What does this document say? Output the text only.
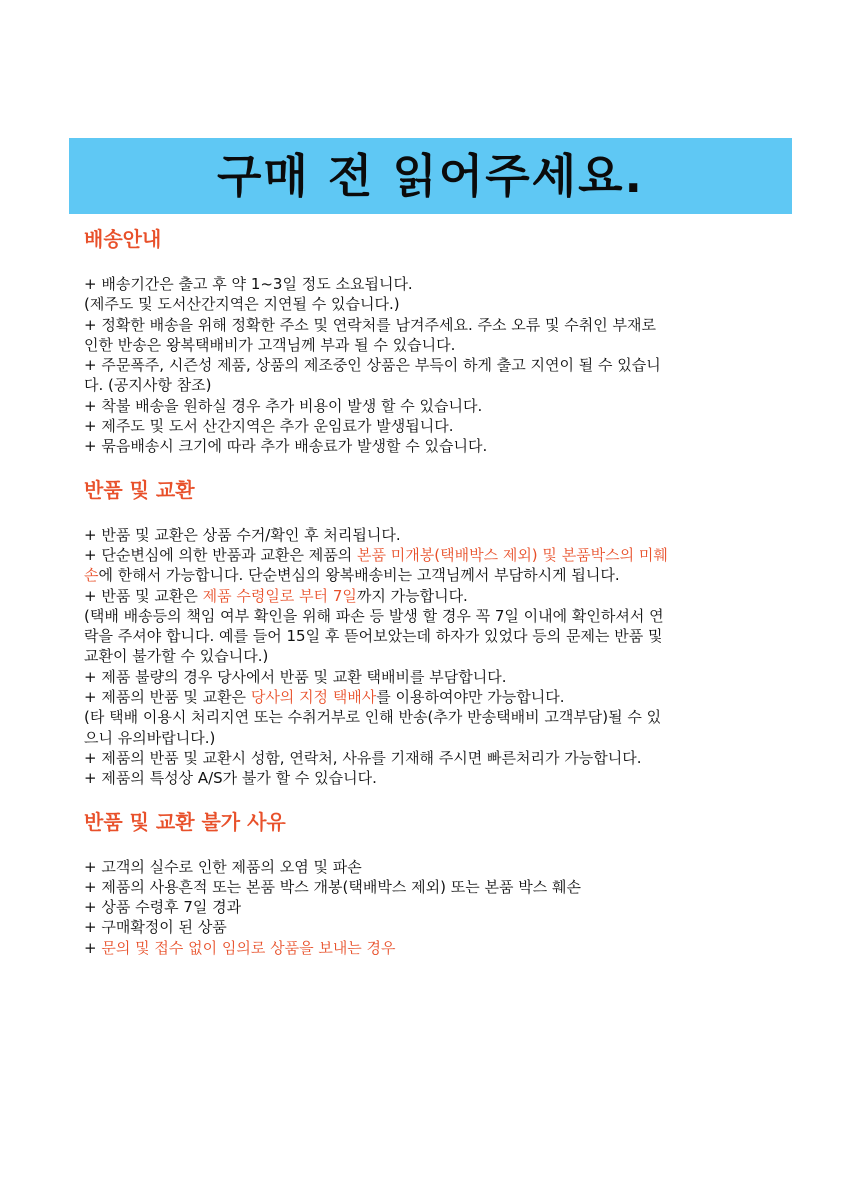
구매 전 읽어주세요.
배송안내

+ 배송기간은 출고 후 약 1~3일 정도 소요됩니다.

(제주도 및 도서산간지역은 지연될 수 있습니다.)

+ 정확한 배송을 위해 정확한 주소 및 연락처를 남겨주세요. 주소 오류 및 수취인 부재로

인한 반송은 왕복택배비가 고객님께 부과 될 수 있습니다.

+ 주문폭주, 시즌성 제품, 상품의 제조중인 상품은 부득이 하게 출고 지연이 될 수 있습니

다. (공지사항 참조)

+ 착불 배송을 원하실 경우 추가 비용이 발생 할 수 있습니다.

+ 제주도 및 도서 산간지역은 추가 운임료가 발생됩니다.

+ 묶음배송시 크기에 따라 추가 배송료가 발생할 수 있습니다.

반품 및 교환

+ 반품 및 교환은 상품 수거/확인 후 처리됩니다.

+ 단순변심에 의한 반품과 교환은 제품의 본품 미개봉(택배박스 제외) 및 본품박스의 미훼

손에 한해서 가능합니다. 단순변심의 왕복배송비는 고객님께서 부담하시게 됩니다.

+ 반품 및 교환은 제품 수령일로 부터 7일까지 가능합니다.

(택배 배송등의 책임 여부 확인을 위해 파손 등 발생 할 경우 꼭 7일 이내에 확인하셔서 연

락을 주셔야 합니다. 예를 들어 15일 후 뜯어보았는데 하자가 있었다 등의 문제는 반품 및

교환이 불가할 수 있습니다.)

+ 제품 불량의 경우 당사에서 반품 및 교환 택배비를 부담합니다.

+ 제품의 반품 및 교환은 당사의 지정 택배사를 이용하여야만 가능합니다.

(타 택배 이용시 처리지연 또는 수취거부로 인해 반송(추가 반송택배비 고객부담)될 수 있

으니 유의바랍니다.)

+ 제품의 반품 및 교환시 성함, 연락처, 사유를 기재해 주시면 빠른처리가 가능합니다.

+ 제품의 특성상 A/S가 불가 할 수 있습니다.

반품 및 교환 불가 사유

+ 고객의 실수로 인한 제품의 오염 및 파손

+ 제품의 사용흔적 또는 본품 박스 개봉(택배박스 제외) 또는 본품 박스 훼손

+ 상품 수령후 7일 경과

+ 구매확정이 된 상품

+ 문의 및 접수 없이 임의로 상품을 보내는 경우
